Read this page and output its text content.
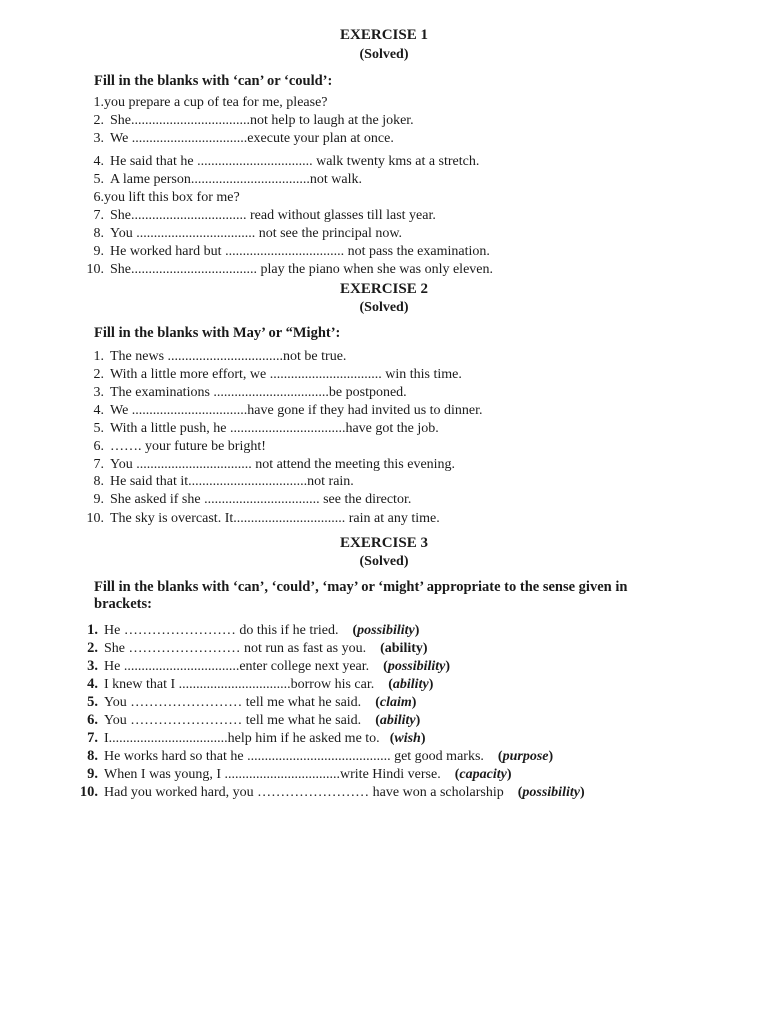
EXERCISE 1
(Solved)
Fill in the blanks with ‘can’ or ‘could’:
1.you prepare a cup of tea for me, please?
2. She..................................not help to laugh at the joker.
3. We .................................execute your plan at once.
4. He said that he ................................. walk twenty kms at a stretch.
5. A lame person..................................not walk.
6.you lift this box for me?
7. She................................. read without glasses till last year.
8. You .................................. not see the principal now.
9. He worked hard but .................................. not pass the examination.
10. She.................................... play the piano when she was only eleven.
EXERCISE 2
(Solved)
Fill in the blanks with May’ or “Might’:
1. The news .................................not be true.
2. With a little more effort, we ................................ win this time.
3. The examinations .................................be postponed.
4. We .................................have gone if they had invited us to dinner.
5. With a little push, he .................................have got the job.
6. ……. your future be bright!
7. You ................................. not attend the meeting this evening.
8. He said that it..................................not rain.
9. She asked if she ................................. see the director.
10. The sky is overcast. It................................ rain at any time.
EXERCISE 3
(Solved)
Fill in the blanks with ‘can’, ‘could’, ‘may’ or ‘might’ appropriate to the sense given in brackets:
1. He …………………… do this if he tried. (possibility)
2. She …………………… not run as fast as you. (ability)
3. He .................................enter college next year. (possibility)
4. I knew that I ................................borrow his car. (ability)
5. You …………………… tell me what he said. (claim)
6. You …………………… tell me what he said. (ability)
7. I..................................help him if he asked me to. (wish)
8. He works hard so that he ......................................... get good marks. (purpose)
9. When I was young, I .................................write Hindi verse. (capacity)
10. Had you worked hard, you …………………… have won a scholarship (possibility)
